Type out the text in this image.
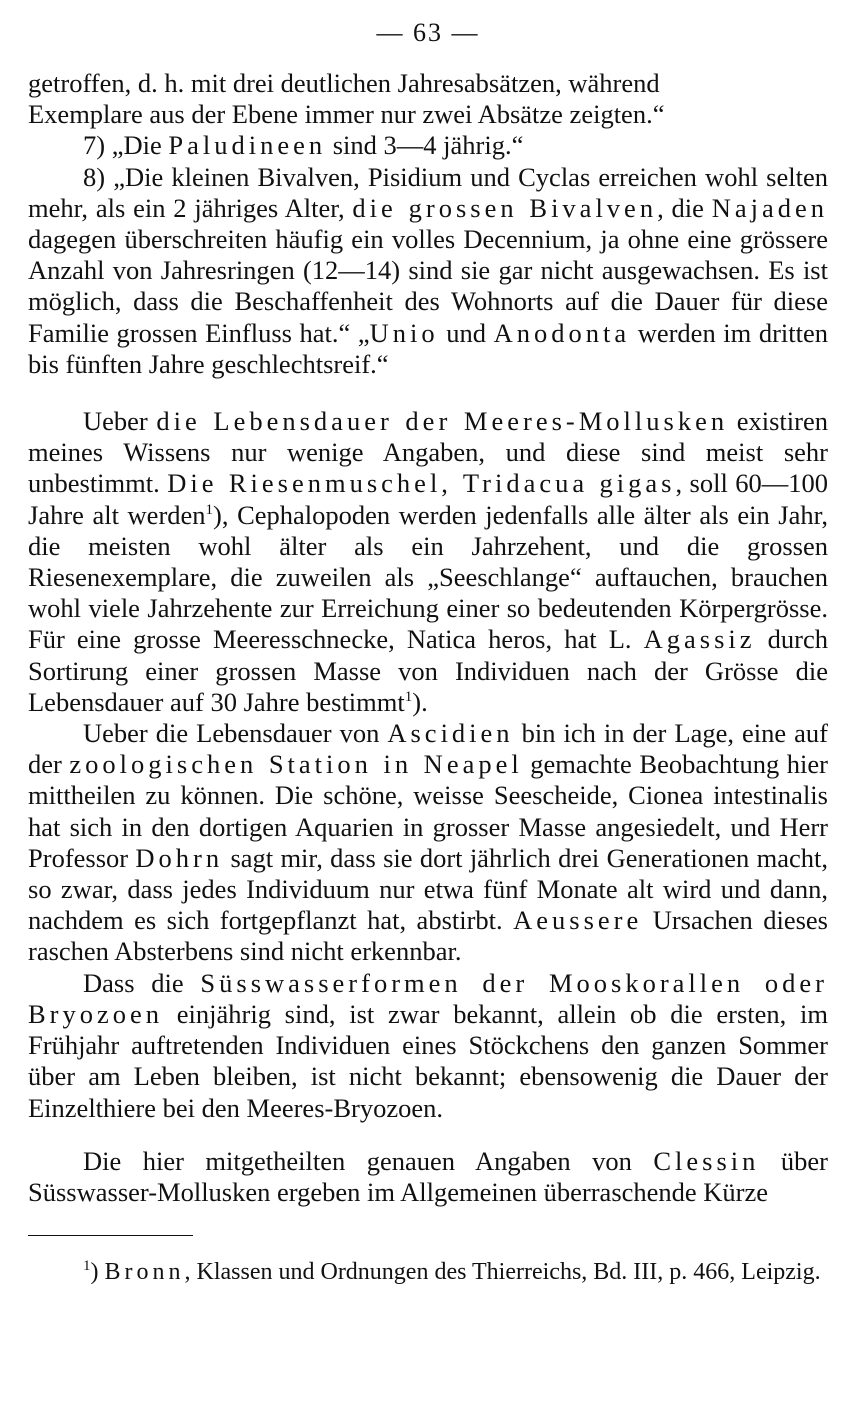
— 63 —

getroffen, d. h. mit drei deutlichen Jahresabsätzen, während
Exemplare aus der Ebene immer nur zwei Absätze zeigten.“

7) „Die Paludineen sind 3—4 jährig.“

8) „Die kleinen Bivalven, Pisidium und Cyclas erreichen wohl selten mehr, als ein 2 jähriges Alter, die grossen Bivalven, die Najaden dagegen überschreiten häufig ein volles Decennium, ja ohne eine grössere Anzahl von Jahresringen (12—14) sind sie gar nicht ausgewachsen. Es ist möglich, dass die Beschaffenheit des Wohnorts auf die Dauer für diese Familie grossen Einfluss hat.“ „Unio und Anodonta werden im dritten bis fünften Jahre geschlechtsreif.“

Ueber die Lebensdauer der Meeres-Mollusken existiren meines Wissens nur wenige Angaben, und diese sind meist sehr unbestimmt. Die Riesenmuschel, Tridacua gigas, soll 60—100 Jahre alt werden$^1$), Cephalopoden werden jedenfalls alle älter als ein Jahr, die meisten wohl älter als ein Jahrzehent, und die grossen Riesenexemplare, die zuweilen als „Seeschlange“ auftauchen, brauchen wohl viele Jahrzehente zur Erreichung einer so bedeutenden Körpergrösse. Für eine grosse Meeresschnecke, Natica heros, hat L. Agassiz durch Sortirung einer grossen Masse von Individuen nach der Grösse die Lebensdauer auf 30 Jahre bestimmt$^1$).

Ueber die Lebensdauer von Ascidien bin ich in der Lage, eine auf der zoologischen Station in Neapel gemachte Beobachtung hier mittheilen zu können. Die schöne, weisse Seescheide, Cionea intestinalis hat sich in den dortigen Aquarien in grosser Masse angesiedelt, und Herr Professor Dohrn sagt mir, dass sie dort jährlich drei Generationen macht, so zwar, dass jedes Individuum nur etwa fünf Monate alt wird und dann, nachdem es sich fortgepflanzt hat, abstirbt. Aeussere Ursachen dieses raschen Absterbens sind nicht erkennbar.

Dass die Süsswasserformen der Mooskorallen oder Bryozoen einjährig sind, ist zwar bekannt, allein ob die ersten, im Frühjahr auftretenden Individuen eines Stöckchens den ganzen Sommer über am Leben bleiben, ist nicht bekannt; ebensowenig die Dauer der Einzelthiere bei den Meeres-Bryozoen.

Die hier mitgetheilten genauen Angaben von Clessin über Süsswasser-Mollusken ergeben im Allgemeinen überraschende Kürze

$^1$) Bronn, Klassen und Ordnungen des Thierreichs, Bd. III, p. 466, Leipzig.
